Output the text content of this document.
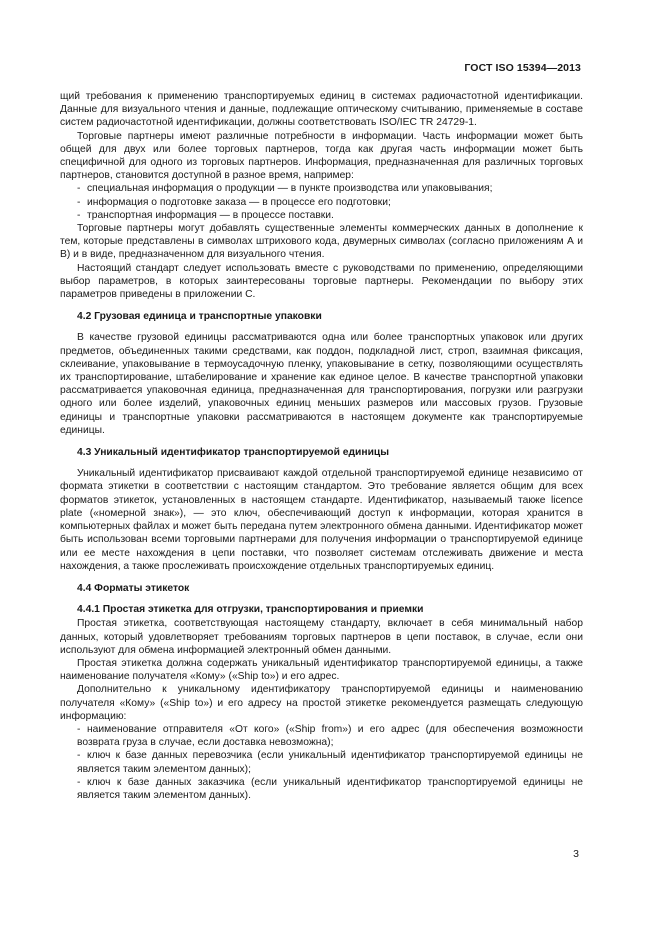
ГОСТ ISO 15394—2013

щий требования к применению транспортируемых единиц в системах радиочастотной идентификации. Данные для визуального чтения и данные, подлежащие оптическому считыванию, применяемые в составе систем радиочастотной идентификации, должны соответствовать ISO/IEC TR 24729-1.

Торговые партнеры имеют различные потребности в информации. Часть информации может быть общей для двух или более торговых партнеров, тогда как другая часть информации может быть специфичной для одного из торговых партнеров. Информация, предназначенная для различных торговых партнеров, становится доступной в разное время, например:

- специальная информация о продукции — в пункте производства или упаковывания;

- информация о подготовке заказа — в процессе его подготовки;

- транспортная информация — в процессе поставки.

Торговые партнеры могут добавлять существенные элементы коммерческих данных в дополнение к тем, которые представлены в символах штрихового кода, двумерных символах (согласно приложениям А и В) и в виде, предназначенном для визуального чтения.

Настоящий стандарт следует использовать вместе с руководствами по применению, определяющими выбор параметров, в которых заинтересованы торговые партнеры. Рекомендации по выбору этих параметров приведены в приложении С.

4.2 Грузовая единица и транспортные упаковки

В качестве грузовой единицы рассматриваются одна или более транспортных упаковок или других предметов, объединенных такими средствами, как поддон, подкладной лист, строп, взаимная фиксация, склеивание, упаковывание в термоусадочную пленку, упаковывание в сетку, позволяющими осуществлять их транспортирование, штабелирование и хранение как единое целое. В качестве транспортной упаковки рассматривается упаковочная единица, предназначенная для транспортирования, погрузки или разгрузки одного или более изделий, упаковочных единиц меньших размеров или массовых грузов. Грузовые единицы и транспортные упаковки рассматриваются в настоящем документе как транспортируемые единицы.

4.3 Уникальный идентификатор транспортируемой единицы

Уникальный идентификатор присваивают каждой отдельной транспортируемой единице независимо от формата этикетки в соответствии с настоящим стандартом. Это требование является общим для всех форматов этикеток, установленных в настоящем стандарте. Идентификатор, называемый также licence plate («номерной знак»), — это ключ, обеспечивающий доступ к информации, которая хранится в компьютерных файлах и может быть передана путем электронного обмена данными. Идентификатор может быть использован всеми торговыми партнерами для получения информации о транспортируемой единице или ее месте нахождения в цепи поставки, что позволяет системам отслеживать движение и места нахождения, а также прослеживать происхождение отдельных транспортируемых единиц.

4.4 Форматы этикеток

4.4.1 Простая этикетка для отгрузки, транспортирования и приемки

Простая этикетка, соответствующая настоящему стандарту, включает в себя минимальный набор данных, который удовлетворяет требованиям торговых партнеров в цепи поставок, в случае, если они используют для обмена информацией электронный обмен данными.

Простая этикетка должна содержать уникальный идентификатор транспортируемой единицы, а также наименование получателя «Кому» («Ship to») и его адрес.

Дополнительно к уникальному идентификатору транспортируемой единицы и наименованию получателя «Кому» («Ship to») и его адресу на простой этикетке рекомендуется размещать следующую информацию:

- наименование отправителя «От кого» («Ship from») и его адрес (для обеспечения возможности возврата груза в случае, если доставка невозможна);

- ключ к базе данных перевозчика (если уникальный идентификатор транспортируемой единицы не является таким элементом данных);

- ключ к базе данных заказчика (если уникальный идентификатор транспортируемой единицы не является таким элементом данных).

3
